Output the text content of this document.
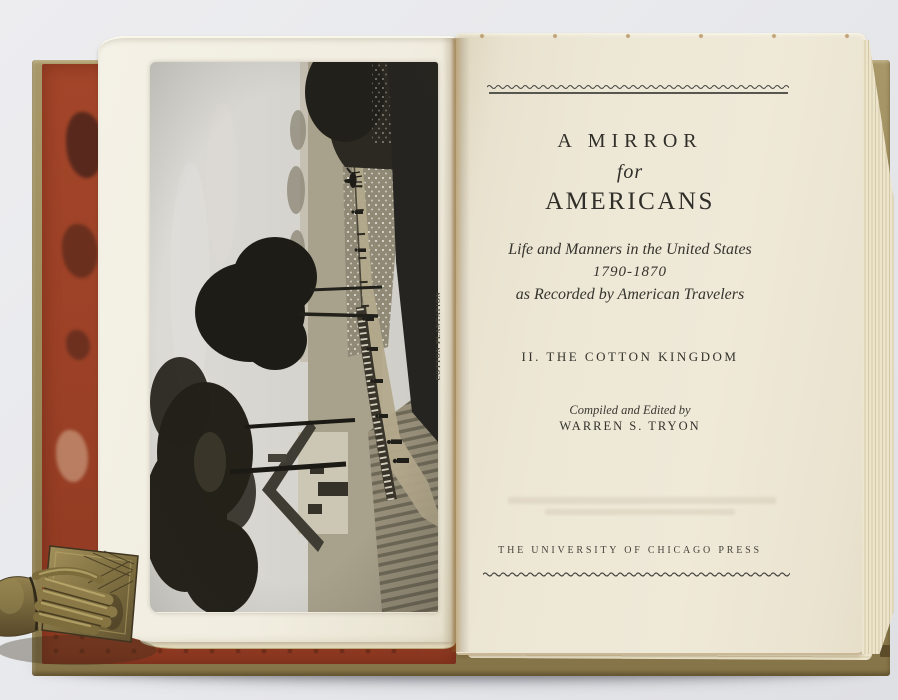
COTTON PLANTATION
A MIRROR
for
AMERICANS
Life and Manners in the United States
1790-1870
as Recorded by American Travelers
II. THE COTTON KINGDOM
Compiled and Edited by
WARREN S. TRYON
THE UNIVERSITY OF CHICAGO PRESS
